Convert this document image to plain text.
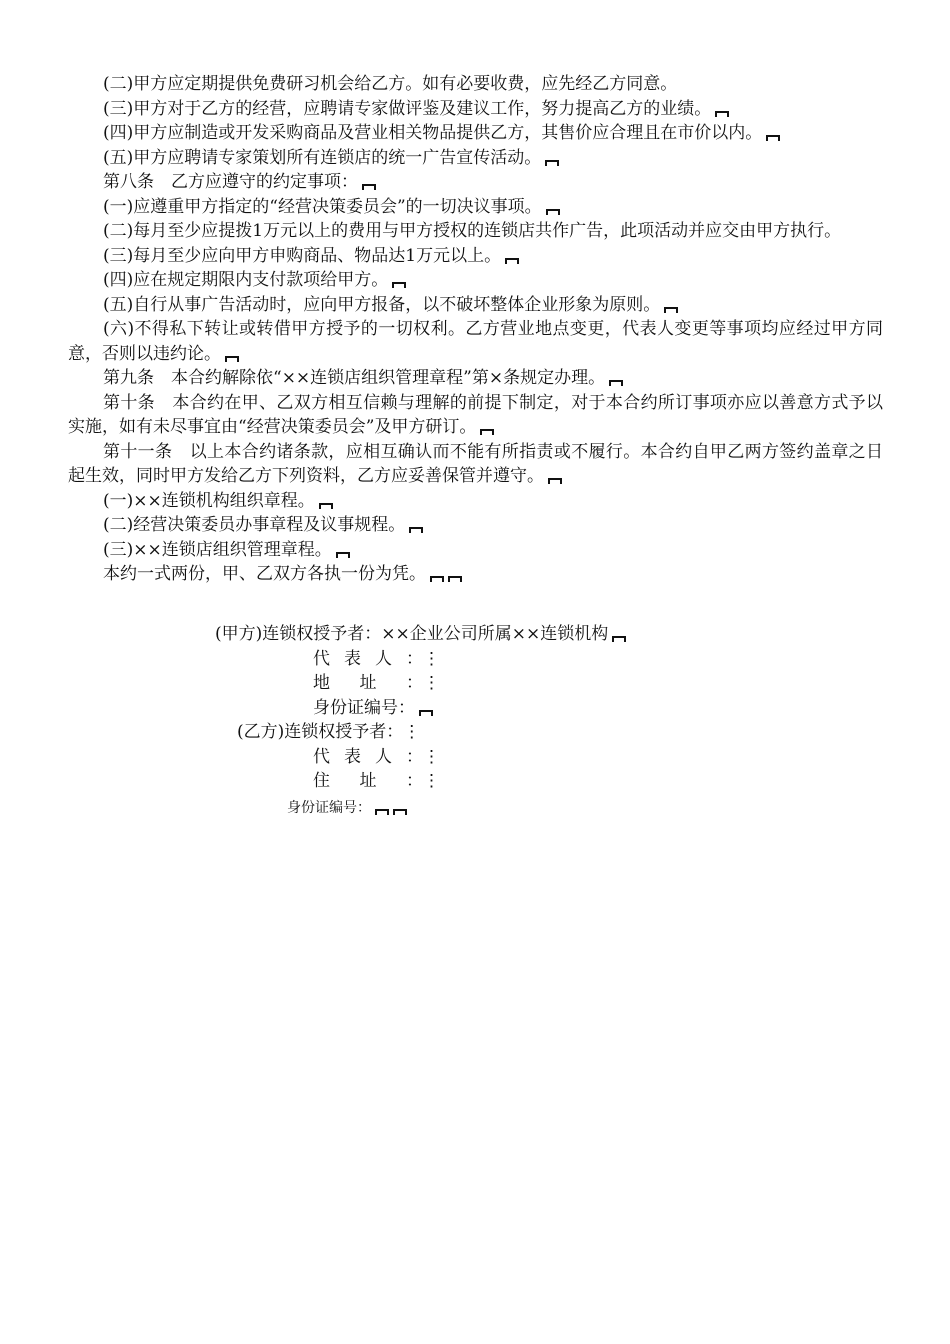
(二)甲方应定期提供免费研习机会给乙方。如有必要收费，应先经乙方同意。

(三)甲方对于乙方的经营，应聘请专家做评鉴及建议工作，努力提高乙方的业绩。

(四)甲方应制造或开发采购商品及营业相关物品提供乙方，其售价应合理且在市价以内。

(五)甲方应聘请专家策划所有连锁店的统一广告宣传活动。

第八条　乙方应遵守的约定事项：

(一)应遵重甲方指定的“经营决策委员会”的一切决议事项。

(二)每月至少应提拨1万元以上的费用与甲方授权的连锁店共作广告，此项活动并应交由甲方执行。

(三)每月至少应向甲方申购商品、物品达1万元以上。

(四)应在规定期限内支付款项给甲方。

(五)自行从事广告活动时，应向甲方报备，以不破坏整体企业形象为原则。

(六)不得私下转让或转借甲方授予的一切权利。乙方营业地点变更，代表人变更等事项均应经过甲方同意，否则以违约论。

第九条　本合约解除依“××连锁店组织管理章程”第×条规定办理。

第十条　本合约在甲、乙双方相互信赖与理解的前提下制定，对于本合约所订事项亦应以善意方式予以实施，如有未尽事宜由“经营决策委员会”及甲方研订。

第十一条　以上本合约诸条款，应相互确认而不能有所指责或不履行。本合约自甲乙两方签约盖章之日起生效，同时甲方发给乙方下列资料，乙方应妥善保管并遵守。

(一)××连锁机构组织章程。

(二)经营决策委员办事章程及议事规程。

(三)××连锁店组织管理章程。

本约一式两份，甲、乙双方各执一份为凭。

(甲方)连锁权授予者：××企业公司所属××连锁机构
代表人：⋮
地址：⋮
身份证编号：
(乙方)连锁权授予者：⋮
代表人：⋮
住址：⋮
身份证编号：
